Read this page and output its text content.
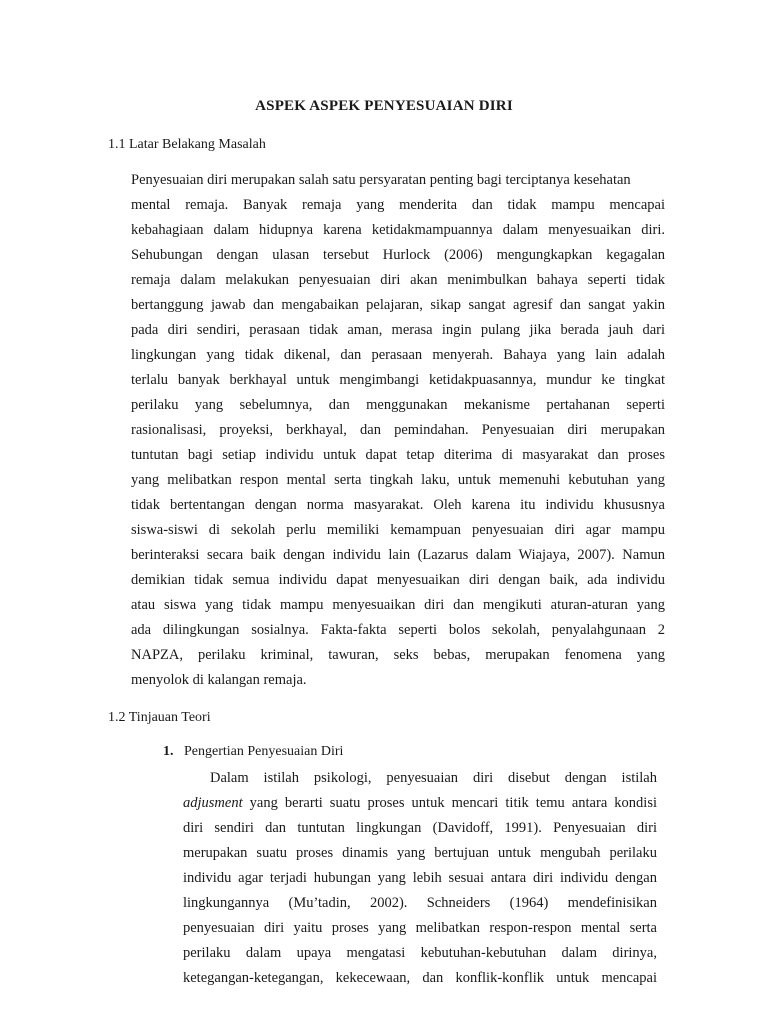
ASPEK ASPEK PENYESUAIAN DIRI
1.1 Latar Belakang Masalah
Penyesuaian diri merupakan salah satu persyaratan penting bagi terciptanya kesehatan
mental remaja. Banyak remaja yang menderita dan tidak mampu mencapai
kebahagiaan dalam hidupnya karena ketidakmampuannya dalam menyesuaikan diri.
Sehubungan dengan ulasan tersebut Hurlock (2006) mengungkapkan kegagalan
remaja dalam melakukan penyesuaian diri akan menimbulkan bahaya seperti tidak
bertanggung jawab dan mengabaikan pelajaran, sikap sangat agresif dan sangat yakin
pada diri sendiri, perasaan tidak aman, merasa ingin pulang jika berada jauh dari
lingkungan yang tidak dikenal, dan perasaan menyerah. Bahaya yang lain adalah
terlalu banyak berkhayal untuk mengimbangi ketidakpuasannya, mundur ke tingkat
perilaku yang sebelumnya, dan menggunakan mekanisme pertahanan seperti
rasionalisasi, proyeksi, berkhayal, dan pemindahan. Penyesuaian diri merupakan
tuntutan bagi setiap individu untuk dapat tetap diterima di masyarakat dan proses
yang melibatkan respon mental serta tingkah laku, untuk memenuhi kebutuhan yang
tidak bertentangan dengan norma masyarakat. Oleh karena itu individu khususnya
siswa-siswi di sekolah perlu memiliki kemampuan penyesuaian diri agar mampu
berinteraksi secara baik dengan individu lain (Lazarus dalam Wiajaya, 2007). Namun
demikian tidak semua individu dapat menyesuaikan diri dengan baik, ada individu
atau siswa yang tidak mampu menyesuaikan diri dan mengikuti aturan-aturan yang
ada dilingkungan sosialnya. Fakta-fakta seperti bolos sekolah, penyalahgunaan 2
NAPZA, perilaku kriminal, tawuran, seks bebas, merupakan fenomena yang
menyolok di kalangan remaja.
1.2 Tinjauan Teori
1. Pengertian Penyesuaian Diri
Dalam istilah psikologi, penyesuaian diri disebut dengan istilah
adjusment yang berarti suatu proses untuk mencari titik temu antara kondisi
diri sendiri dan tuntutan lingkungan (Davidoff, 1991). Penyesuaian diri
merupakan suatu proses dinamis yang bertujuan untuk mengubah perilaku
individu agar terjadi hubungan yang lebih sesuai antara diri individu dengan
lingkungannya (Mu’tadin, 2002). Schneiders (1964) mendefinisikan
penyesuaian diri yaitu proses yang melibatkan respon-respon mental serta
perilaku dalam upaya mengatasi kebutuhan-kebutuhan dalam dirinya,
ketegangan-ketegangan, kekecewaan, dan konflik-konflik untuk mencapai
